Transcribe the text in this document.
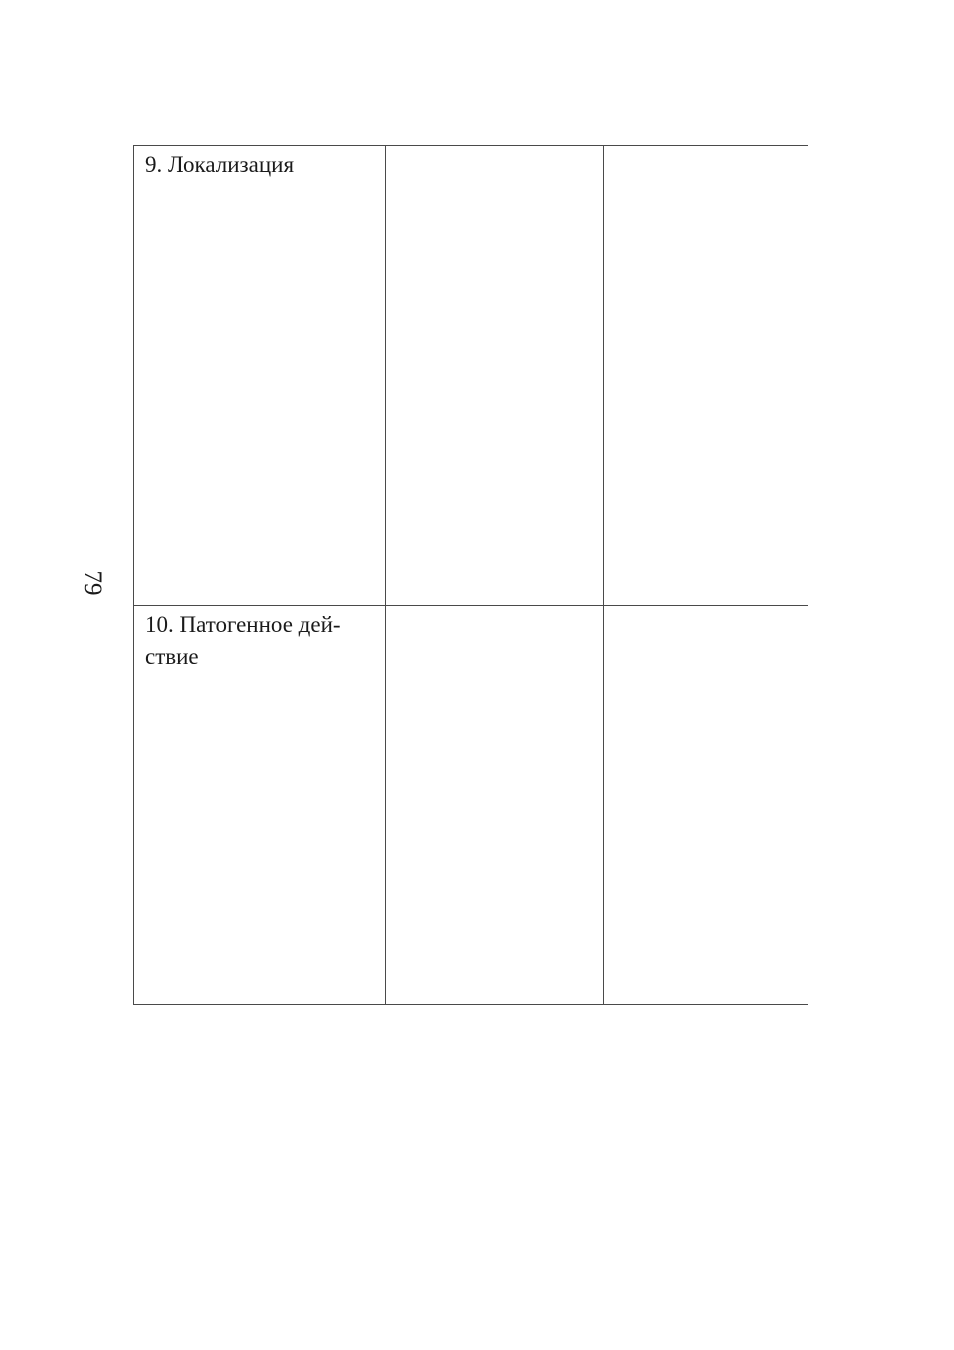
79
9. Локализация
10. Патогенное дей-
ствие
